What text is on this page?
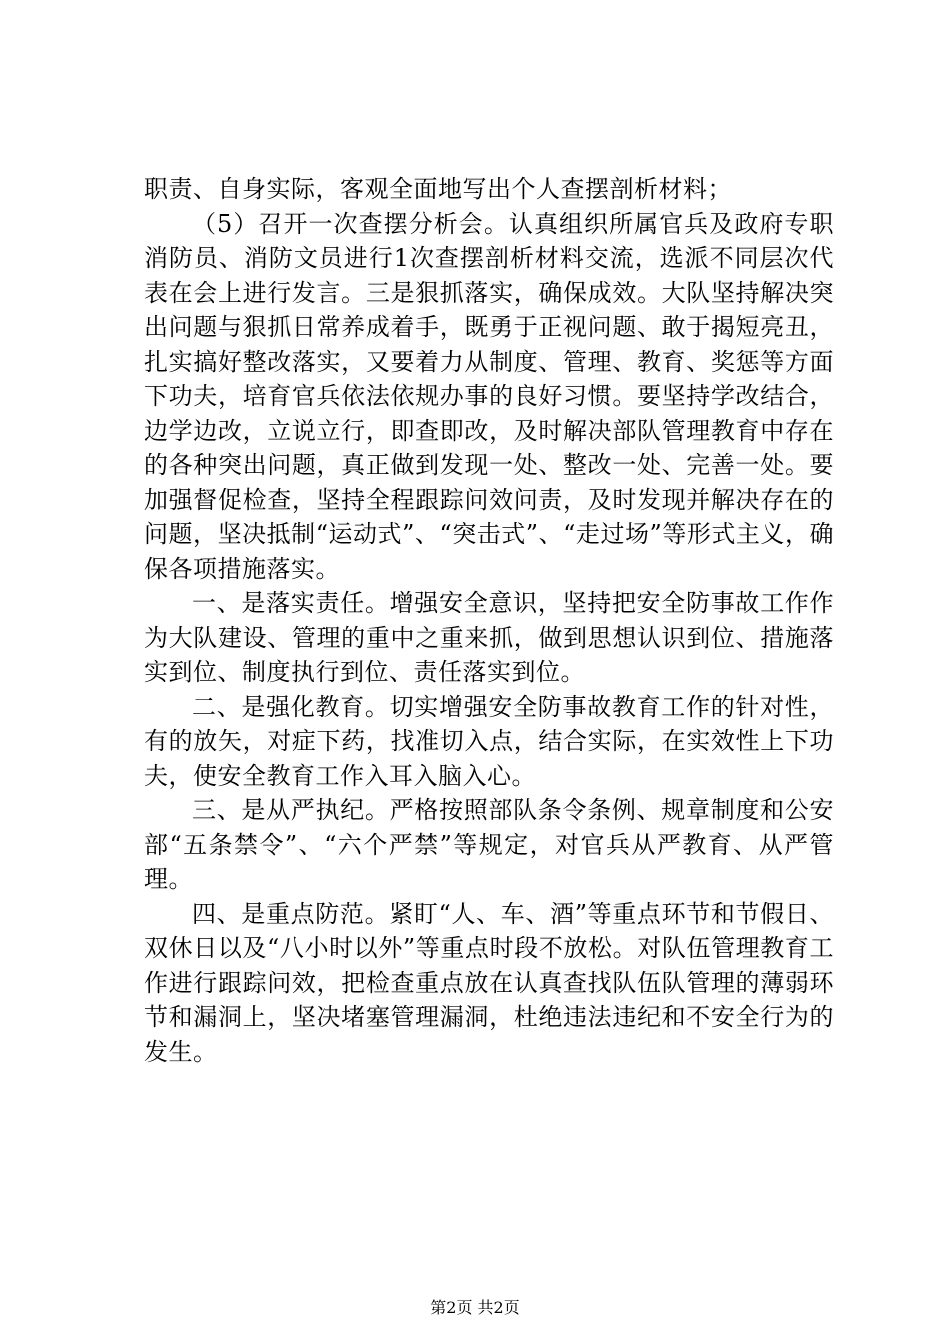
职责、自身实际，客观全面地写出个人查摆剖析材料；

（5）召开一次查摆分析会。认真组织所属官兵及政府专职消防员、消防文员进行1次查摆剖析材料交流，选派不同层次代表在会上进行发言。三是狠抓落实，确保成效。大队坚持解决突出问题与狠抓日常养成着手，既勇于正视问题、敢于揭短亮丑，扎实搞好整改落实，又要着力从制度、管理、教育、奖惩等方面下功夫，培育官兵依法依规办事的良好习惯。要坚持学改结合，边学边改，立说立行，即查即改，及时解决部队管理教育中存在的各种突出问题，真正做到发现一处、整改一处、完善一处。要加强督促检查，坚持全程跟踪问效问责，及时发现并解决存在的问题，坚决抵制“运动式”、“突击式”、“走过场”等形式主义，确保各项措施落实。

一、是落实责任。增强安全意识，坚持把安全防事故工作作为大队建设、管理的重中之重来抓，做到思想认识到位、措施落实到位、制度执行到位、责任落实到位。

二、是强化教育。切实增强安全防事故教育工作的针对性，有的放矢，对症下药，找准切入点，结合实际，在实效性上下功夫，使安全教育工作入耳入脑入心。

三、是从严执纪。严格按照部队条令条例、规章制度和公安部“五条禁令”、“六个严禁”等规定，对官兵从严教育、从严管理。

四、是重点防范。紧盯“人、车、酒”等重点环节和节假日、双休日以及“八小时以外”等重点时段不放松。对队伍管理教育工作进行跟踪问效，把检查重点放在认真查找队伍队管理的薄弱环节和漏洞上，坚决堵塞管理漏洞，杜绝违法违纪和不安全行为的发生。

第2页 共2页
